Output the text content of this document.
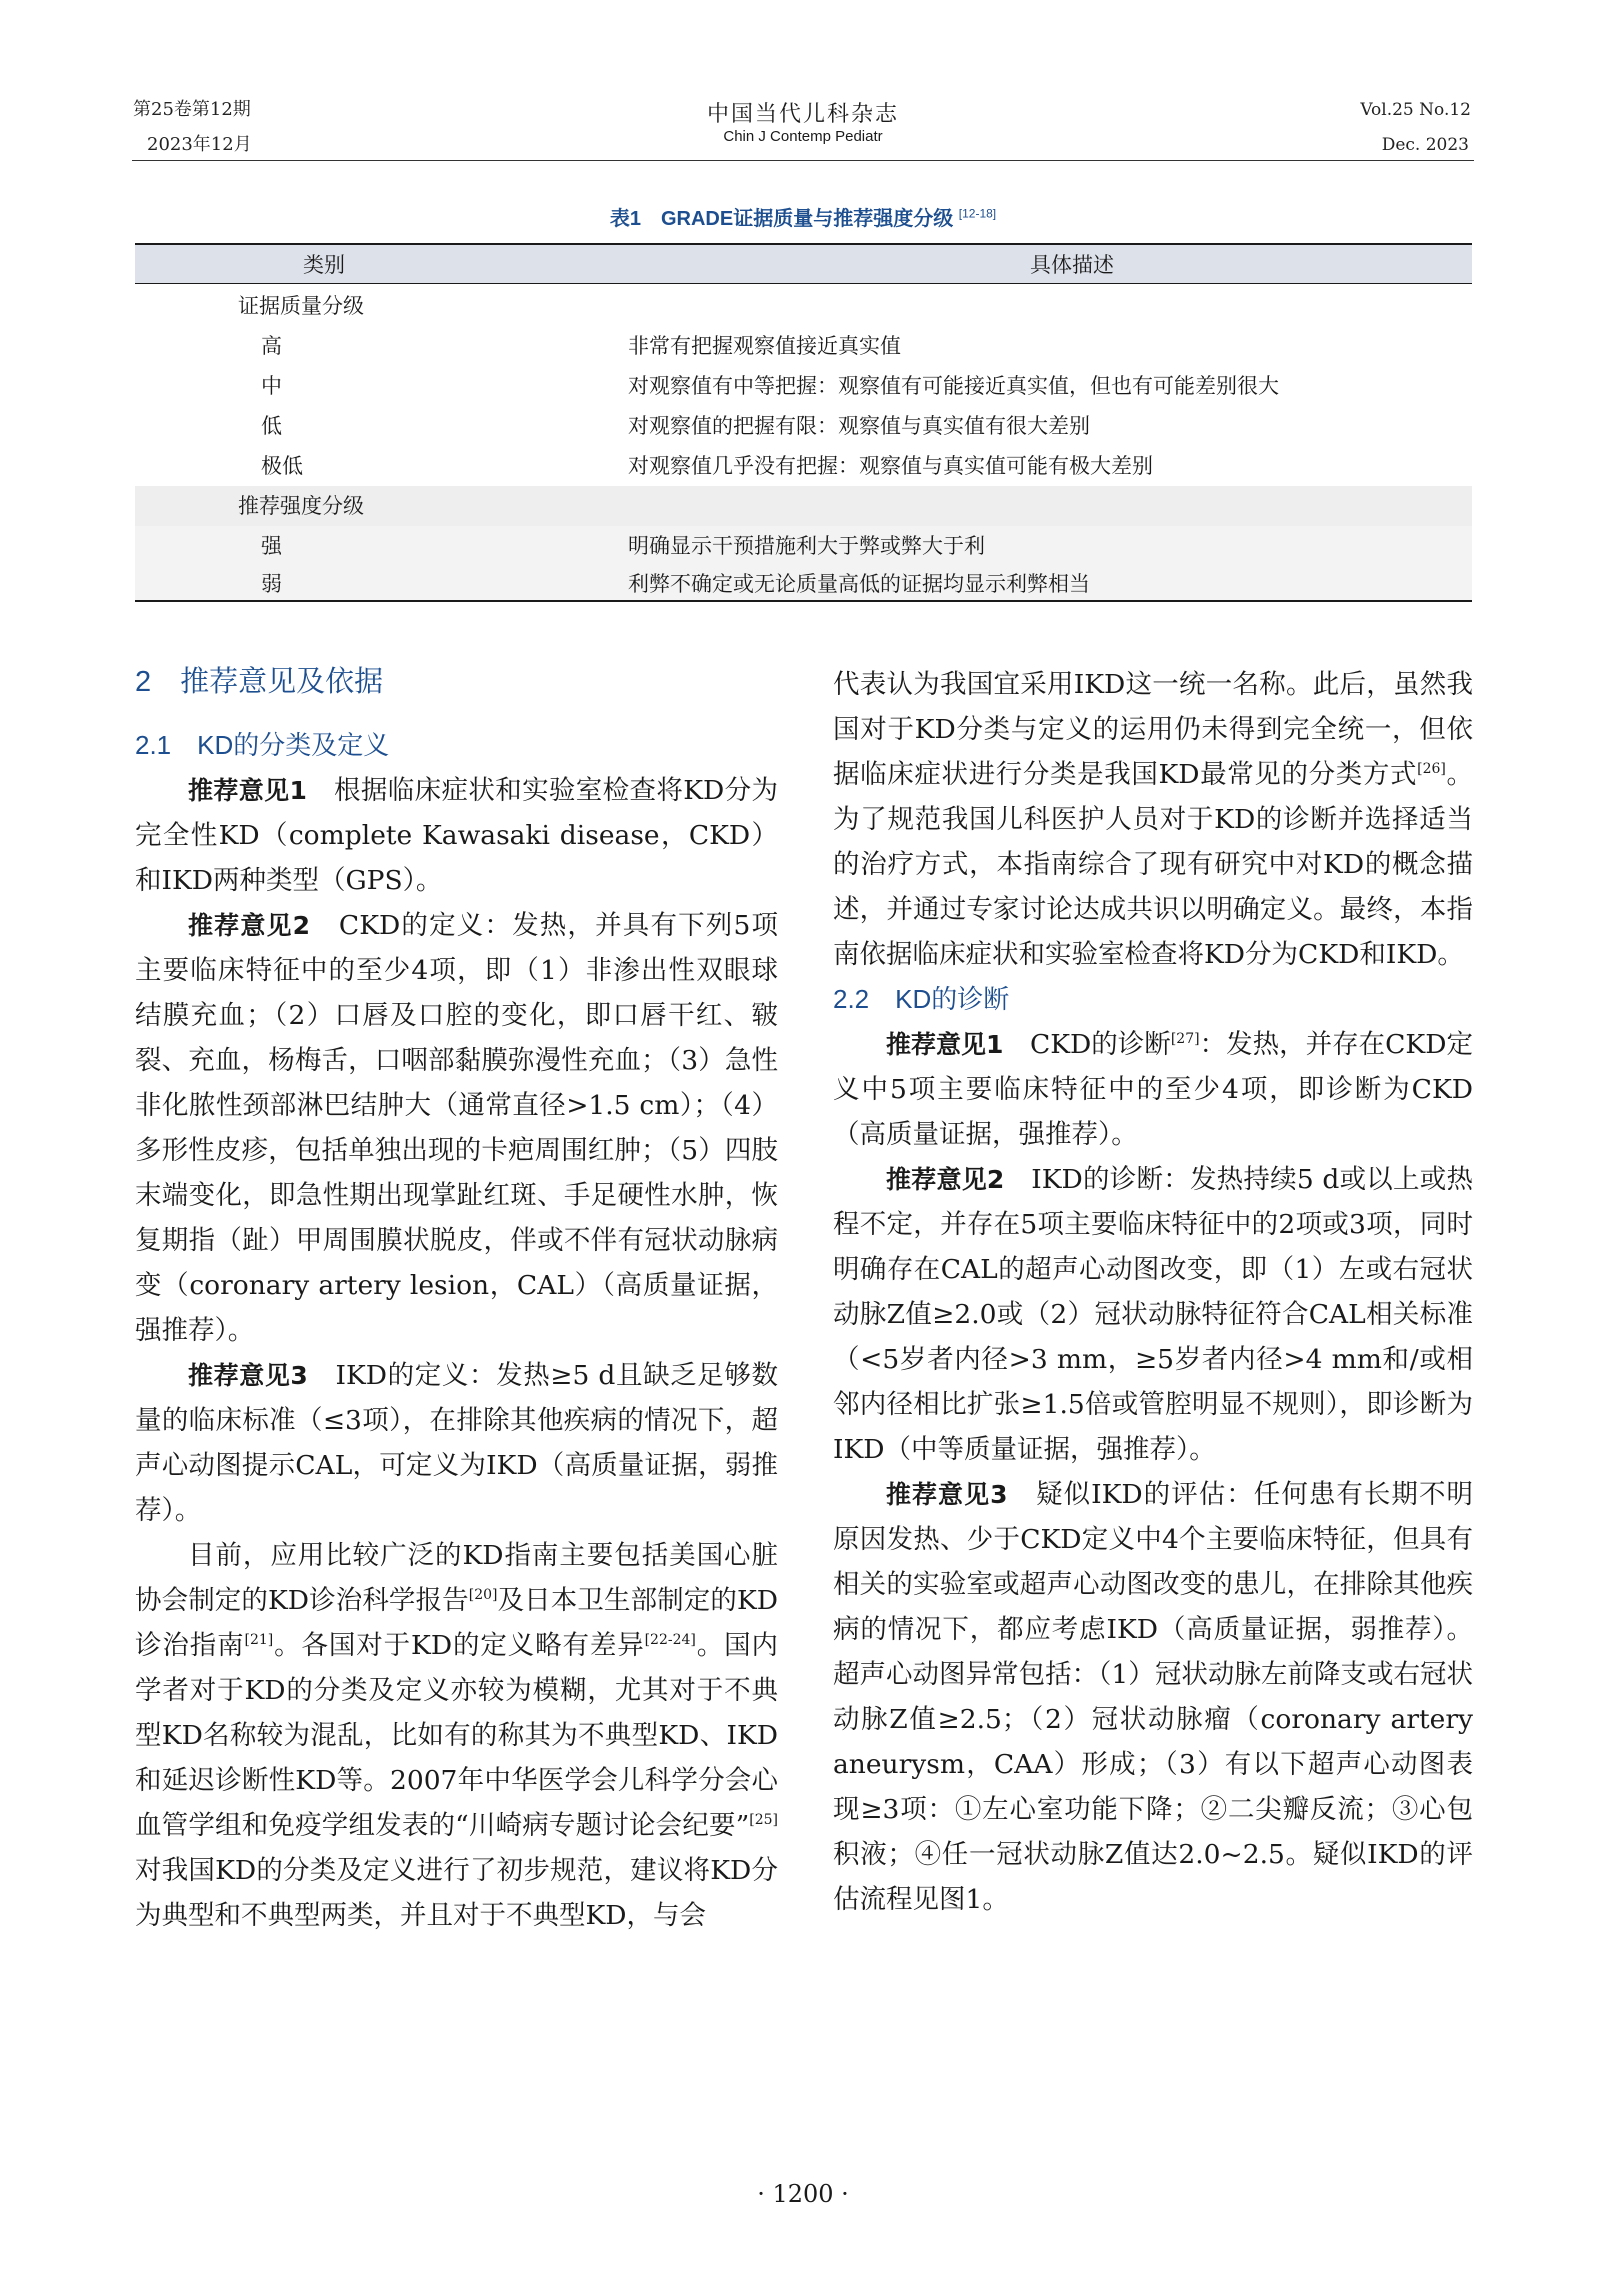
第25卷第12期
2023年12月
中国当代儿科杂志
Chin J Contemp Pediatr
Vol.25 No.12
Dec. 2023
表1　GRADE证据质量与推荐强度分级 [12-18]
类别	具体描述
证据质量分级
高	非常有把握观察值接近真实值
中	对观察值有中等把握：观察值有可能接近真实值，但也有可能差别很大
低	对观察值的把握有限：观察值与真实值有很大差别
极低	对观察值几乎没有把握：观察值与真实值可能有极大差别
推荐强度分级
强	明确显示干预措施利大于弊或弊大于利
弱	利弊不确定或无论质量高低的证据均显示利弊相当
2　推荐意见及依据
2.1　KD的分类及定义

推荐意见1　根据临床症状和实验室检查将KD分为完全性KD（complete Kawasaki disease，CKD）和IKD两种类型（GPS）。

推荐意见2　CKD的定义：发热，并具有下列5项主要临床特征中的至少4项，即（1）非渗出性双眼球结膜充血；（2）口唇及口腔的变化，即口唇干红、皲裂、充血，杨梅舌，口咽部黏膜弥漫性充血；（3）急性非化脓性颈部淋巴结肿大（通常直径>1.5 cm）；（4）多形性皮疹，包括单独出现的卡疤周围红肿；（5）四肢末端变化，即急性期出现掌趾红斑、手足硬性水肿，恢复期指（趾）甲周围膜状脱皮，伴或不伴有冠状动脉病变（coronary artery lesion，CAL）（高质量证据，强推荐）。

推荐意见3　IKD的定义：发热≥5 d且缺乏足够数量的临床标准（≤3项），在排除其他疾病的情况下，超声心动图提示CAL，可定义为IKD（高质量证据，弱推荐）。

目前，应用比较广泛的KD指南主要包括美国心脏协会制定的KD诊治科学报告[20]及日本卫生部制定的KD诊治指南[21]。各国对于KD的定义略有差异[22-24]。国内学者对于KD的分类及定义亦较为模糊，尤其对于不典型KD名称较为混乱，比如有的称其为不典型KD、IKD和延迟诊断性KD等。2007年中华医学会儿科学分会心血管学组和免疫学组发表的“川崎病专题讨论会纪要”[25]对我国KD的分类及定义进行了初步规范，建议将KD分为典型和不典型两类，并且对于不典型KD，与会

代表认为我国宜采用IKD这一统一名称。此后，虽然我国对于KD分类与定义的运用仍未得到完全统一，但依据临床症状进行分类是我国KD最常见的分类方式[26]。为了规范我国儿科医护人员对于KD的诊断并选择适当的治疗方式，本指南综合了现有研究中对KD的概念描述，并通过专家讨论达成共识以明确定义。最终，本指南依据临床症状和实验室检查将KD分为CKD和IKD。

2.2　KD的诊断

推荐意见1　CKD的诊断[27]：发热，并存在CKD定义中5项主要临床特征中的至少4项，即诊断为CKD（高质量证据，强推荐）。

推荐意见2　IKD的诊断：发热持续5 d或以上或热程不定，并存在5项主要临床特征中的2项或3项，同时明确存在CAL的超声心动图改变，即（1）左或右冠状动脉Z值≥2.0或（2）冠状动脉特征符合CAL相关标准（<5岁者内径>3 mm，≥5岁者内径>4 mm和/或相邻内径相比扩张≥1.5倍或管腔明显不规则），即诊断为IKD（中等质量证据，强推荐）。

推荐意见3　疑似IKD的评估：任何患有长期不明原因发热、少于CKD定义中4个主要临床特征，但具有相关的实验室或超声心动图改变的患儿，在排除其他疾病的情况下，都应考虑IKD（高质量证据，弱推荐）。超声心动图异常包括：（1）冠状动脉左前降支或右冠状动脉Z值≥2.5；（2）冠状动脉瘤（coronary artery aneurysm，CAA）形成；（3）有以下超声心动图表现≥3项：①左心室功能下降；②二尖瓣反流；③心包积液；④任一冠状动脉Z值达2.0~2.5。疑似IKD的评估流程见图1。

· 1200 ·
